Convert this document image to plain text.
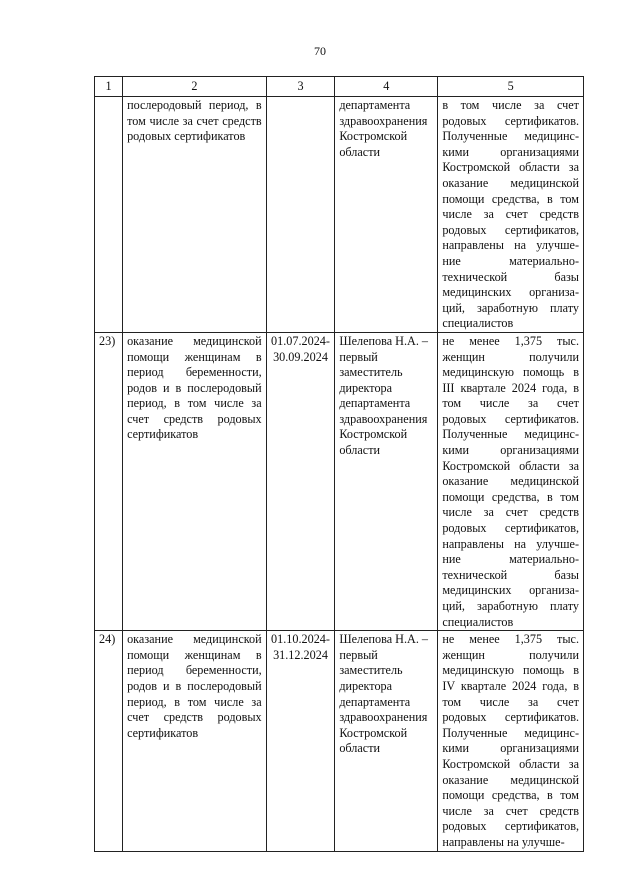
70
1	2	3	4	5
	послеродовый период, в том числе за счет средств родовых сертификатов		департамента здравоохранения Костромской области	в том числе за счет родовых сертификатов. Полученные медицинскими организациями Костромской области за оказание медицинской помощи средства, в том числе за счет средств родовых сертификатов, направлены на улучшение материально-технической базы медицинских организаций, заработную плату специалистов
23)	оказание медицинской помощи женщинам в период беременности, родов и в послеродовый период, в том числе за счет средств родовых сертификатов	01.07.2024-30.09.2024	Шелепова Н.А. – первый заместитель директора департамента здравоохранения Костромской области	не менее 1,375 тыс. женщин получили медицинскую помощь в III квартале 2024 года, в том числе за счет родовых сертификатов. Полученные медицинскими организациями Костромской области за оказание медицинской помощи средства, в том числе за счет средств родовых сертификатов, направлены на улучшение материально-технической базы медицинских организаций, заработную плату специалистов
24)	оказание медицинской помощи женщинам в период беременности, родов и в послеродовый период, в том числе за счет средств родовых сертификатов	01.10.2024-31.12.2024	Шелепова Н.А. – первый заместитель директора департамента здравоохранения Костромской области	не менее 1,375 тыс. женщин получили медицинскую помощь в IV квартале 2024 года, в том числе за счет родовых сертификатов. Полученные медицинскими организациями Костромской области за оказание медицинской помощи средства, в том числе за счет средств родовых сертификатов, направлены на улучше-
